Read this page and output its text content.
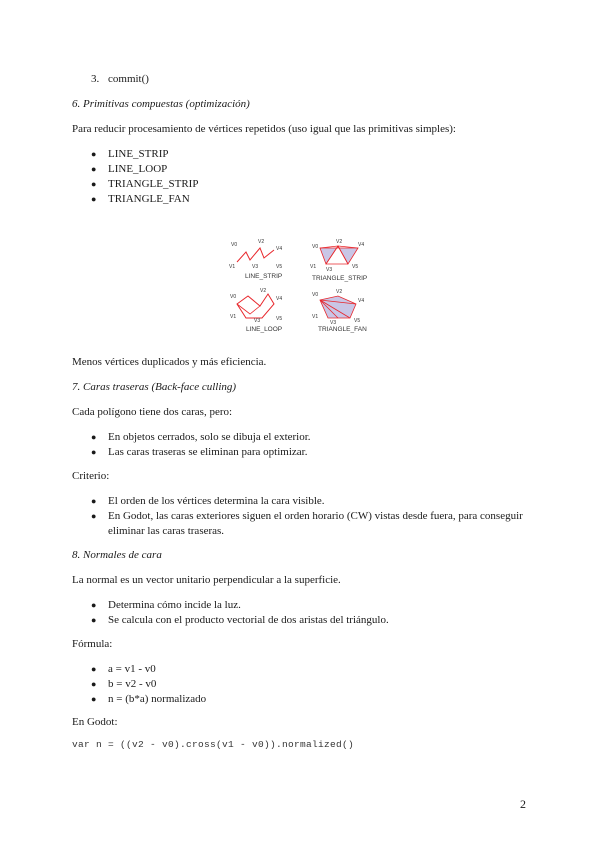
3. commit()
6. Primitivas compuestas (optimización)
Para reducir procesamiento de vértices repetidos (uso igual que las primitivas simples):
● LINE_STRIP
● LINE_LOOP
● TRIANGLE_STRIP
● TRIANGLE_FAN
V0
V1
V2
V3
V4
V5
LINE_STRIP
V0
V1
V2
V3
V4
V5
TRIANGLE_STRIP
V0
V1
V2
V3
V4
V5
LINE_LOOP
V0
V1
V2
V3
V4
V5
TRIANGLE_FAN
Menos vértices duplicados y más eficiencia.
7. Caras traseras (Back-face culling)
Cada polígono tiene dos caras, pero:
● En objetos cerrados, solo se dibuja el exterior.
● Las caras traseras se eliminan para optimizar.
Criterio:
● El orden de los vértices determina la cara visible.
● En Godot, las caras exteriores siguen el orden horario (CW) vistas desde fuera, para conseguir
eliminar las caras traseras.
8. Normales de cara
La normal es un vector unitario perpendicular a la superficie.
● Determina cómo incide la luz.
● Se calcula con el producto vectorial de dos aristas del triángulo.
Fórmula:
● a = v1 - v0
● b = v2 - v0
● n = (b*a) normalizado
En Godot:
var n = ((v2 - v0).cross(v1 - v0)).normalized()
2
